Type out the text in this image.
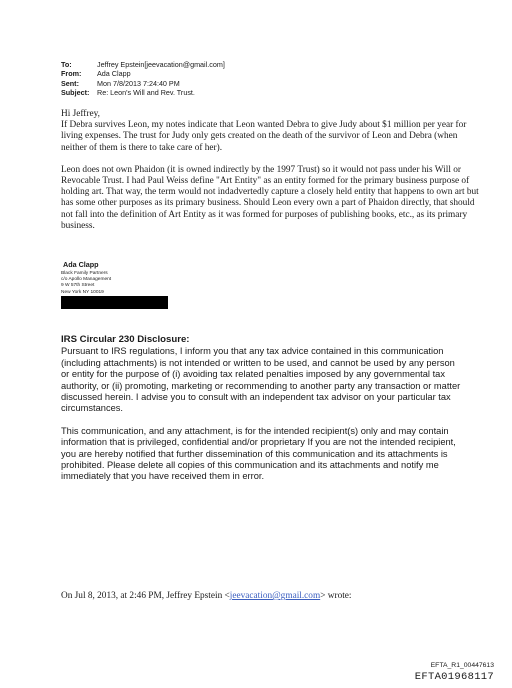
To:	Jeffrey Epstein[jeevacation@gmail.com]
From:	Ada Clapp
Sent:	Mon 7/8/2013 7:24:40 PM
Subject:	Re: Leon's Will and Rev. Trust.
Hi Jeffrey,

If Debra survives Leon, my notes indicate that Leon wanted Debra to give Judy about $1 million per year for living expenses. The trust for Judy only gets created on the death of the survivor of Leon and Debra (when neither of them is there to take care of her).

Leon does not own Phaidon (it is owned indirectly by the 1997 Trust) so it would not pass under his Will or Revocable Trust. I had Paul Weiss define "Art Entity" as an entity formed for the primary business purpose of holding art. That way, the term would not indadvertedly capture a closely held entity that happens to own art but has some other purposes as its primary business. Should Leon every own a part of Phaidon directly, that should not fall into the definition of Art Entity as it was formed for purposes of publishing books, etc., as its primary business.

Ada Clapp
Black Family Partners
c/o Apollo Management
9 W 57th Street
New York NY 10019
IRS Circular 230 Disclosure:

Pursuant to IRS regulations, I inform you that any tax advice contained in this communication (including attachments) is not intended or written to be used, and cannot be used by any person or entity for the purpose of (i) avoiding tax related penalties imposed by any governmental tax authority, or (ii) promoting, marketing or recommending to another party any transaction or matter discussed herein. I advise you to consult with an independent tax advisor on your particular tax circumstances.

This communication, and any attachment, is for the intended recipient(s) only and may contain information that is privileged, confidential and/or proprietary If you are not the intended recipient, you are hereby notified that further dissemination of this communication and its attachments is prohibited. Please delete all copies of this communication and its attachments and notify me immediately that you have received them in error.

On Jul 8, 2013, at 2:46 PM, Jeffrey Epstein <jeevacation@gmail.com> wrote:
EFTA_R1_00447613
EFTA01968117
